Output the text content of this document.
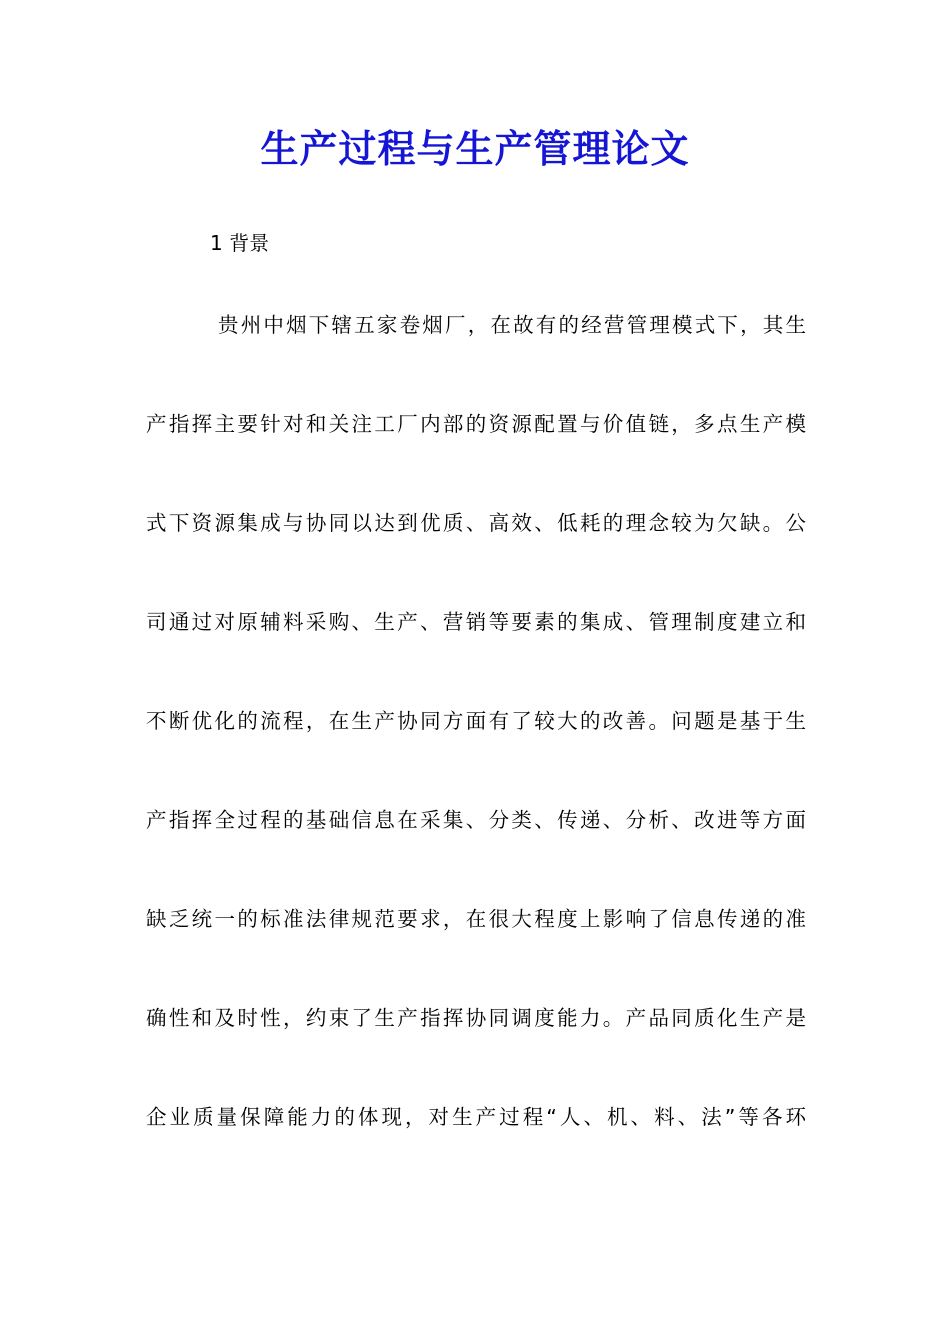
生产过程与生产管理论文
1 背景
贵州中烟下辖五家卷烟厂，在故有的经营管理模式下，其生
产指挥主要针对和关注工厂内部的资源配置与价值链，多点生产模
式下资源集成与协同以达到优质、高效、低耗的理念较为欠缺。公
司通过对原辅料采购、生产、营销等要素的集成、管理制度建立和
不断优化的流程，在生产协同方面有了较大的改善。问题是基于生
产指挥全过程的基础信息在采集、分类、传递、分析、改进等方面
缺乏统一的标准法律规范要求，在很大程度上影响了信息传递的准
确性和及时性，约束了生产指挥协同调度能力。产品同质化生产是
企业质量保障能力的体现，对生产过程“人、机、料、法”等各环
